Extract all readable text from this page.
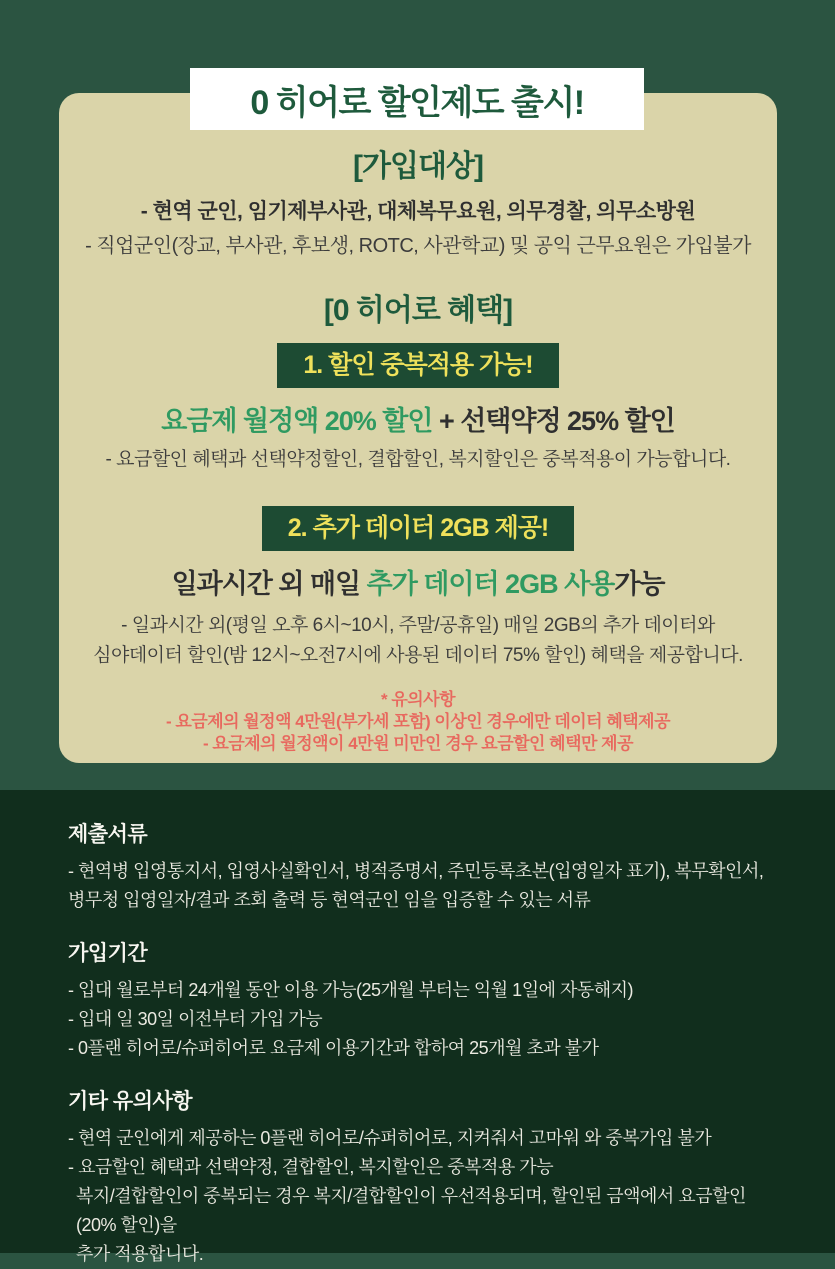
0 히어로 할인제도 출시!
[가입대상]
- 현역 군인, 임기제부사관, 대체복무요원, 의무경찰, 의무소방원
- 직업군인(장교, 부사관, 후보생, ROTC, 사관학교) 및 공익 근무요원은 가입불가
[0 히어로 혜택]
1. 할인 중복적용 가능!
요금제 월정액 20% 할인 + 선택약정 25% 할인
- 요금할인 혜택과 선택약정할인, 결합할인, 복지할인은 중복적용이 가능합니다.
2. 추가 데이터 2GB 제공!
일과시간 외 매일 추가 데이터 2GB 사용가능
- 일과시간 외(평일 오후 6시~10시, 주말/공휴일) 매일 2GB의 추가 데이터와
심야데이터 할인(밤 12시~오전7시에 사용된 데이터 75% 할인) 혜택을 제공합니다.
* 유의사항
- 요금제의 월정액 4만원(부가세 포함) 이상인 경우에만 데이터 혜택제공
- 요금제의 월정액이 4만원 미만인 경우 요금할인 혜택만 제공
제출서류
- 현역병 입영통지서, 입영사실확인서, 병적증명서, 주민등록초본(입영일자 표기), 복무확인서,
병무청 입영일자/결과 조회 출력 등 현역군인 임을 입증할 수 있는 서류
가입기간
- 입대 월로부터 24개월 동안 이용 가능(25개월 부터는 익월 1일에 자동해지)
- 입대 일 30일 이전부터 가입 가능
- 0플랜 히어로/슈퍼히어로 요금제 이용기간과 합하여 25개월 초과 불가
기타 유의사항
- 현역 군인에게 제공하는 0플랜 히어로/슈퍼히어로, 지켜줘서 고마워 와 중복가입 불가
- 요금할인 혜택과 선택약정, 결합할인, 복지할인은 중복적용 가능
복지/결합할인이 중복되는 경우 복지/결합할인이 우선적용되며, 할인된 금액에서 요금할인(20% 할인)을
추가 적용합니다.
